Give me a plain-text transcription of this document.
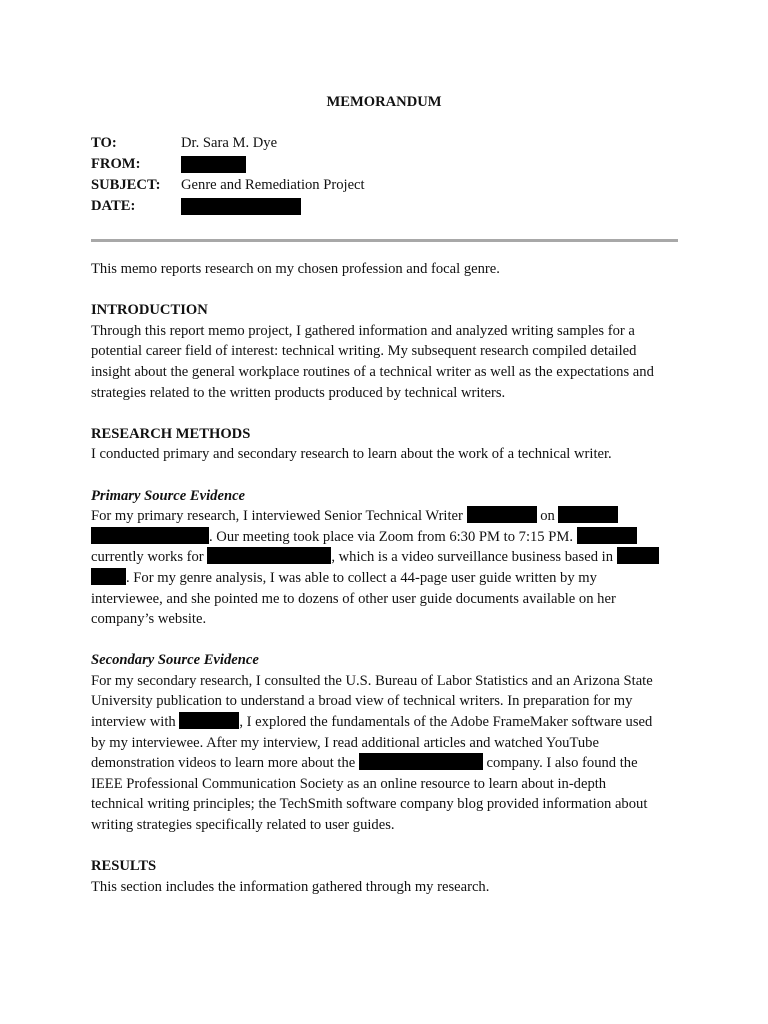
MEMORANDUM
TO:	Dr. Sara M. Dye
FROM:
SUBJECT: Genre and Remediation Project
DATE:
This memo reports research on my chosen profession and focal genre.
INTRODUCTION
Through this report memo project, I gathered information and analyzed writing samples for a
potential career field of interest: technical writing. My subsequent research compiled detailed
insight about the general workplace routines of a technical writer as well as the expectations and
strategies related to the written products produced by technical writers.
RESEARCH METHODS
I conducted primary and secondary research to learn about the work of a technical writer.
Primary Source Evidence
For my primary research, I interviewed Senior Technical Writer	on
. Our meeting took place via Zoom from 6:30 PM to 7:15 PM.
currently works for	, which is a video surveillance business based in
. For my genre analysis, I was able to collect a 44-page user guide written by my
interviewee, and she pointed me to dozens of other user guide documents available on her
company’s website.
Secondary Source Evidence
For my secondary research, I consulted the U.S. Bureau of Labor Statistics and an Arizona State
University publication to understand a broad view of technical writers. In preparation for my
interview with	, I explored the fundamentals of the Adobe FrameMaker software used
by my interviewee. After my interview, I read additional articles and watched YouTube
demonstration videos to learn more about the	company. I also found the
IEEE Professional Communication Society as an online resource to learn about in-depth
technical writing principles; the TechSmith software company blog provided information about
writing strategies specifically related to user guides.
RESULTS
This section includes the information gathered through my research.
